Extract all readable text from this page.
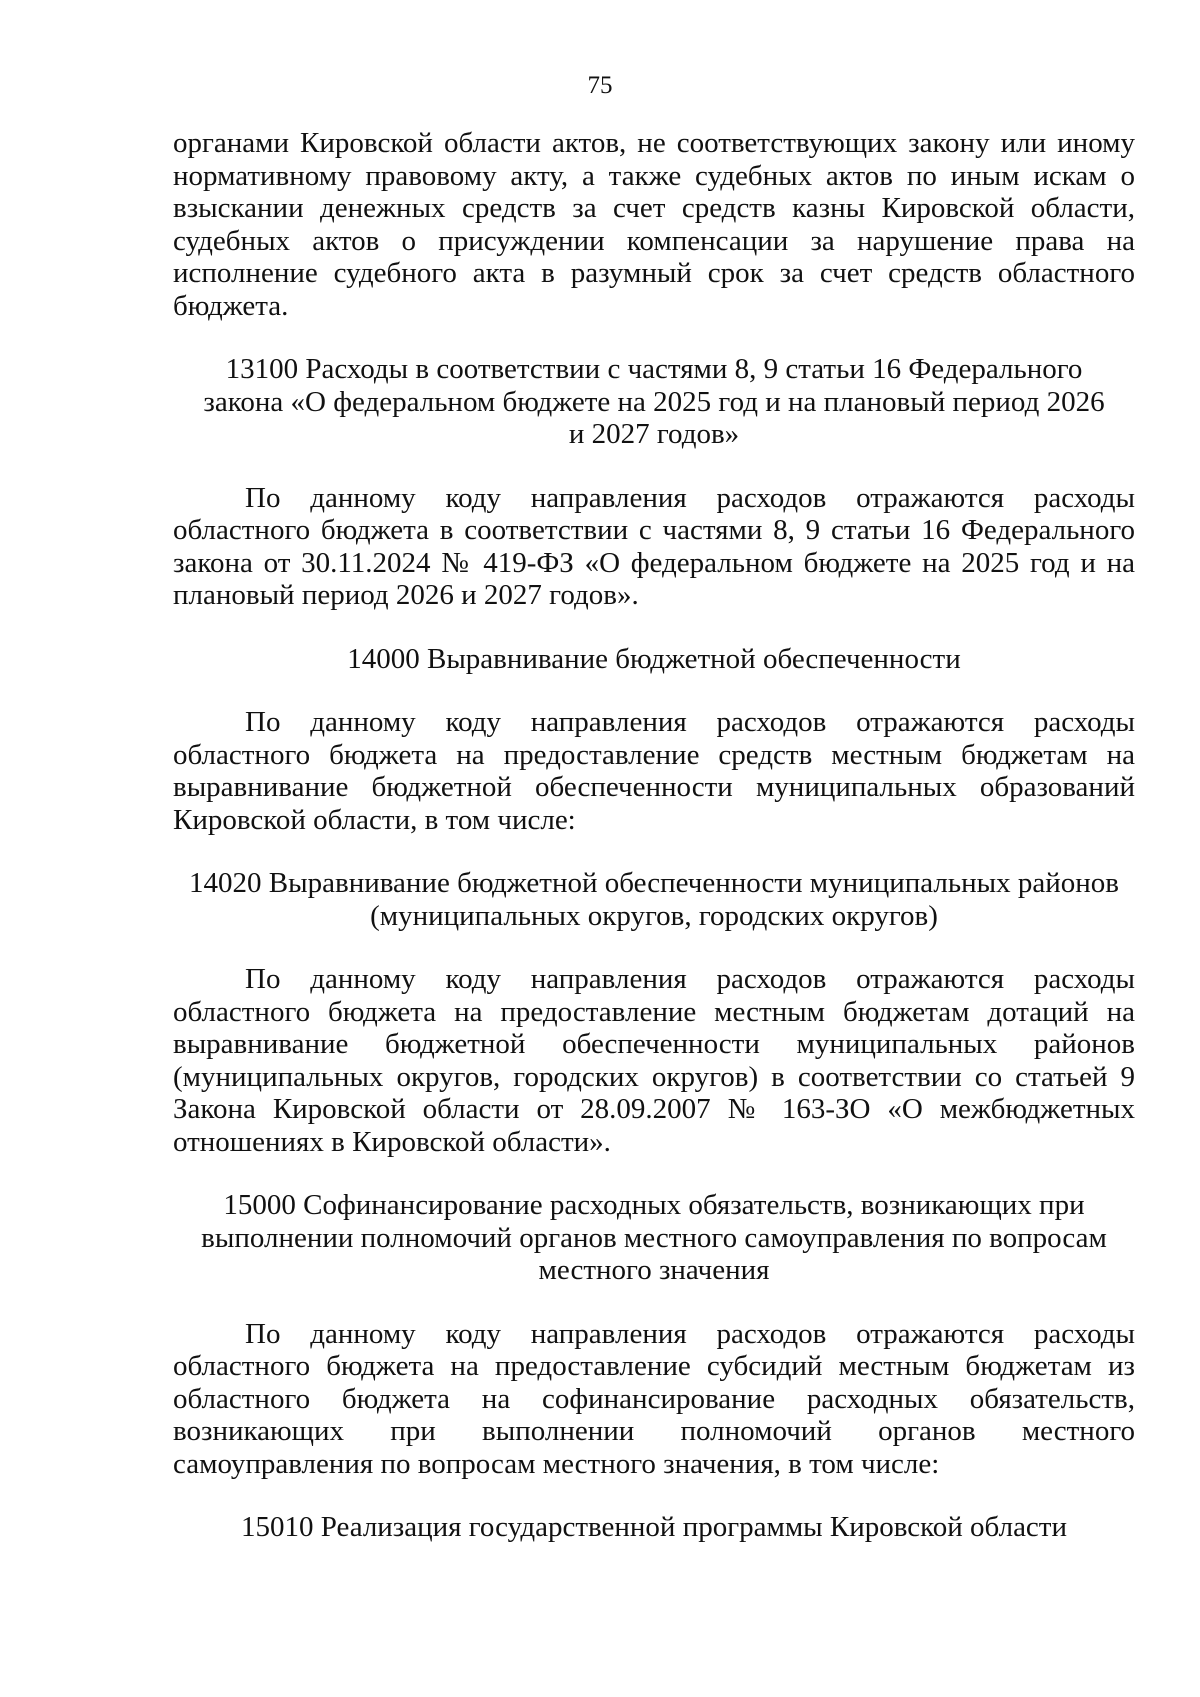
75

органами Кировской области актов, не соответствующих закону или иному нормативному правовому акту, а также судебных актов по иным искам о взыскании денежных средств за счет средств казны Кировской области, судебных актов о присуждении компенсации за нарушение права на исполнение судебного акта в разумный срок за счет средств областного бюджета.

13100 Расходы в соответствии с частями 8, 9 статьи 16 Федерального закона «О федеральном бюджете на 2025 год и на плановый период 2026 и 2027 годов»

По данному коду направления расходов отражаются расходы областного бюджета в соответствии с частями 8, 9 статьи 16 Федерального закона от 30.11.2024 № 419-ФЗ «О федеральном бюджете на 2025 год и на плановый период 2026 и 2027 годов».

14000 Выравнивание бюджетной обеспеченности

По данному коду направления расходов отражаются расходы областного бюджета на предоставление средств местным бюджетам на выравнивание бюджетной обеспеченности муниципальных образований Кировской области, в том числе:

14020 Выравнивание бюджетной обеспеченности муниципальных районов (муниципальных округов, городских округов)

По данному коду направления расходов отражаются расходы областного бюджета на предоставление местным бюджетам дотаций на выравнивание бюджетной обеспеченности муниципальных районов (муниципальных округов, городских округов) в соответствии со статьей 9 Закона Кировской области от 28.09.2007 № 163-ЗО «О межбюджетных отношениях в Кировской области».

15000 Софинансирование расходных обязательств, возникающих при выполнении полномочий органов местного самоуправления по вопросам местного значения

По данному коду направления расходов отражаются расходы областного бюджета на предоставление субсидий местным бюджетам из областного бюджета на софинансирование расходных обязательств, возникающих при выполнении полномочий органов местного самоуправления по вопросам местного значения, в том числе:

15010 Реализация государственной программы Кировской области
